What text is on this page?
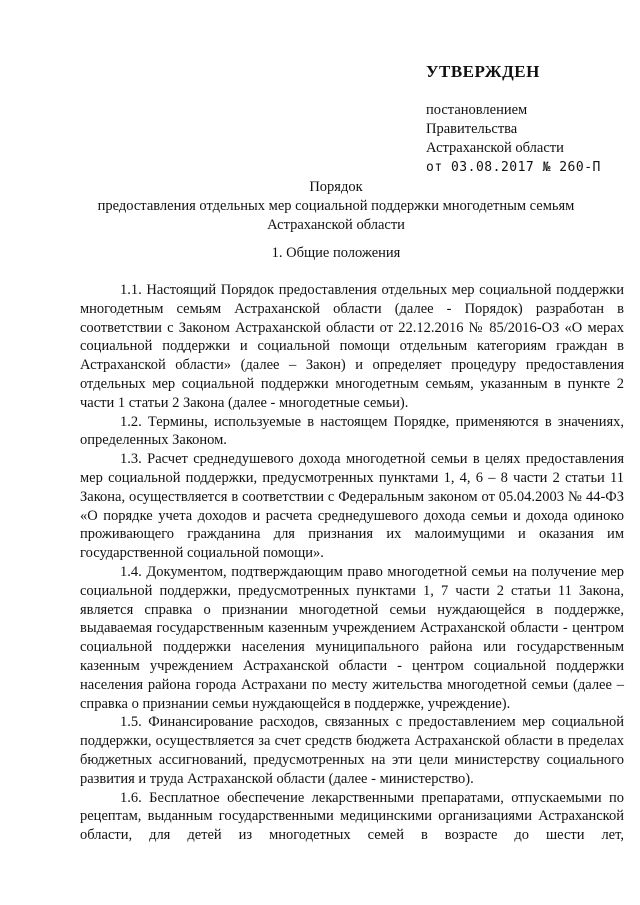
УТВЕРЖДЕН
постановлением
Правительства
Астраханской области
от 03.08.2017 № 260-П
Порядок
предоставления отдельных мер социальной поддержки многодетным семьям
Астраханской области
1. Общие положения

1.1. Настоящий Порядок предоставления отдельных мер социальной поддержки многодетным семьям Астраханской области (далее - Порядок) разработан в соответствии с Законом Астраханской области от 22.12.2016 № 85/2016-ОЗ «О мерах социальной поддержки и социальной помощи отдельным категориям граждан в Астраханской области» (далее – Закон) и определяет процедуру предоставления отдельных мер социальной поддержки многодетным семьям, указанным в пункте 2 части 1 статьи 2 Закона (далее - многодетные семьи).

1.2. Термины, используемые в настоящем Порядке, применяются в значениях, определенных Законом.

1.3. Расчет среднедушевого дохода многодетной семьи в целях предоставления мер социальной поддержки, предусмотренных пунктами 1, 4, 6 – 8 части 2 статьи 11 Закона, осуществляется в соответствии с Федеральным законом от 05.04.2003 № 44-ФЗ «О порядке учета доходов и расчета среднедушевого дохода семьи и дохода одиноко проживающего гражданина для признания их малоимущими и оказания им государственной социальной помощи».

1.4. Документом, подтверждающим право многодетной семьи на получение мер социальной поддержки, предусмотренных пунктами 1, 7 части 2 статьи 11 Закона, является справка о признании многодетной семьи нуждающейся в поддержке, выдаваемая государственным казенным учреждением Астраханской области - центром социальной поддержки населения муниципального района или государственным казенным учреждением Астраханской области - центром социальной поддержки населения района города Астрахани по месту жительства многодетной семьи (далее – справка о признании семьи нуждающейся в поддержке, учреждение).

1.5. Финансирование расходов, связанных с предоставлением мер социальной поддержки, осуществляется за счет средств бюджета Астраханской области в пределах бюджетных ассигнований, предусмотренных на эти цели министерству социального развития и труда Астраханской области (далее - министерство).

1.6. Бесплатное обеспечение лекарственными препаратами, отпускаемыми по рецептам, выданным государственными медицинскими организациями Астраханской области, для детей из многодетных семей в возрасте до шести лет,
